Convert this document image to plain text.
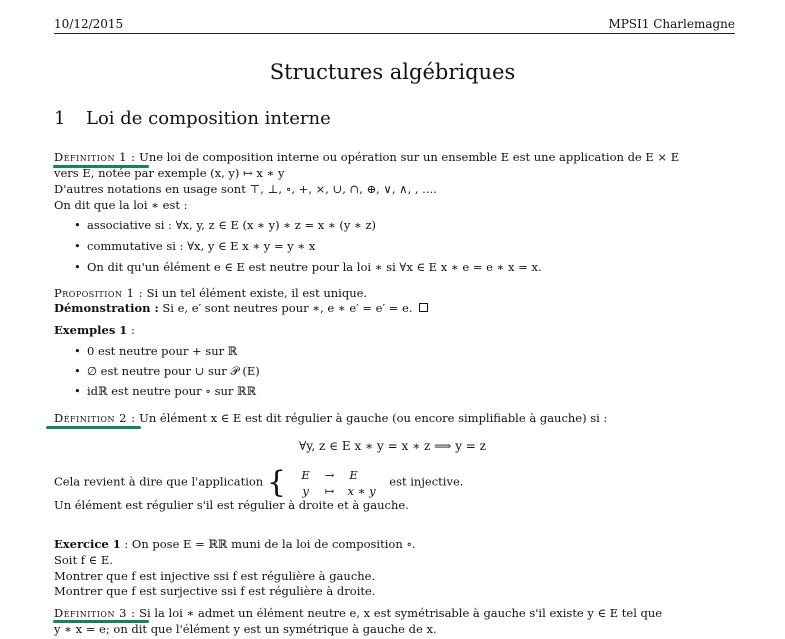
10/12/2015	MPSI1 Charlemagne
Structures algébriques
1 Loi de composition interne
Définition 1 : Une loi de composition interne ou opération sur un ensemble E est une application de E × E
vers E, notée par exemple (x, y) ↦ x ∗ y
D'autres notations en usage sont ⊤, ⊥, ∘, +, ×, ∪, ∩, ⊕, ∨, ∧, , ....
On dit que la loi ∗ est :
• associative si : ∀x, y, z ∈ E (x ∗ y) ∗ z = x ∗ (y ∗ z)
• commutative si : ∀x, y ∈ E x ∗ y = y ∗ x
• On dit qu'un élément e ∈ E est neutre pour la loi ∗ si ∀x ∈ E x ∗ e = e ∗ x = x.
Proposition 1 : Si un tel élément existe, il est unique.
Démonstration : Si e, e′ sont neutres pour ∗, e ∗ e′ = e′ = e.
Exemples 1 :
• 0 est neutre pour + sur ℝ
• ∅ est neutre pour ∪ sur 𝒫 (E)
• idℝ est neutre pour ∘ sur ℝℝ
Définition 2 : Un élément x ∈ E est dit régulier à gauche (ou encore simplifiable à gauche) si :
∀y, z ∈ E x ∗ y = x ∗ z ⟹ y = z
Cela revient à dire que l'application {	E → E
y ↦ x ∗ y
est injective.
Un élément est régulier s'il est régulier à droite et à gauche.
Exercice 1 : On pose E = ℝℝ muni de la loi de composition ∘.
Soit f ∈ E.
Montrer que f est injective ssi f est régulière à gauche.
Montrer que f est surjective ssi f est régulière à droite.
Définition 3 : Si la loi ∗ admet un élément neutre e, x est symétrisable à gauche s'il existe y ∈ E tel que
y ∗ x = e; on dit que l'élément y est un symétrique à gauche de x.
